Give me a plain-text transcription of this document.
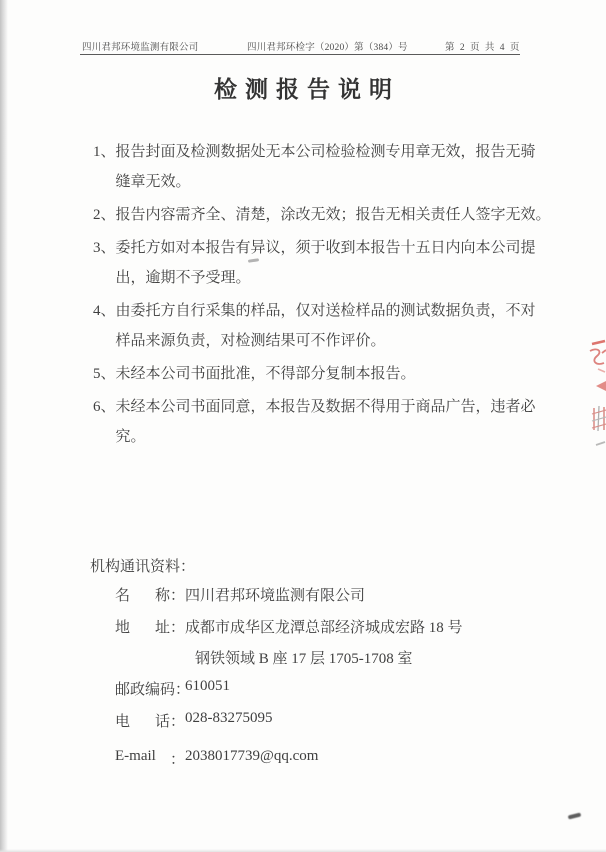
四川君邦环境监测有限公司	四川君邦环检字（2020）第（384）号	第 2 页 共 4 页
检测报告说明
1、 报告封面及检测数据处无本公司检验检测专用章无效，报告无骑
缝章无效。
2、 报告内容需齐全、清楚，涂改无效；报告无相关责任人签字无效。
3、 委托方如对本报告有异议，须于收到本报告十五日内向本公司提
出，逾期不予受理。
4、 由委托方自行采集的样品，仅对送检样品的测试数据负责，不对
样品来源负责，对检测结果可不作评价。
5、 未经本公司书面批准，不得部分复制本报告。
6、 未经本公司书面同意，本报告及数据不得用于商品广告，违者必
究。
机构通讯资料：
名 称： 四川君邦环境监测有限公司
地 址： 成都市成华区龙潭总部经济城成宏路 18 号
钢铁领域 B 座 17 层 1705-1708 室
邮政编码：
610051
电 话： 028-83275095
E-mail ： 2038017739@qq.com
